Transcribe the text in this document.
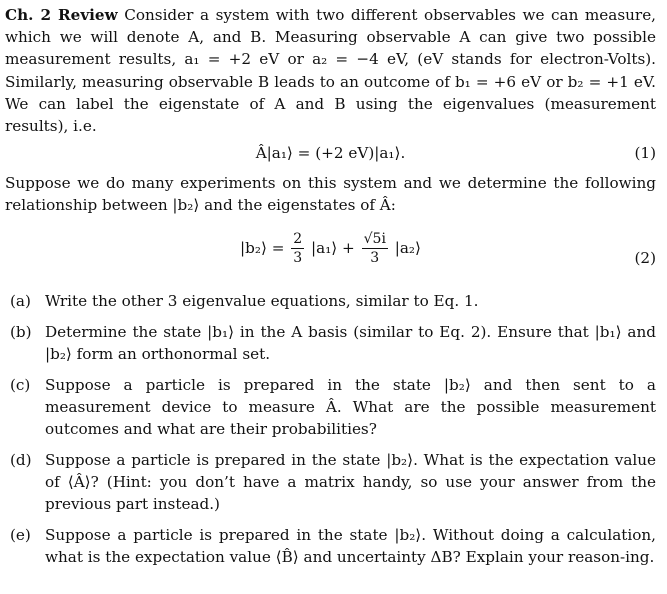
Ch. 2 Review Consider a system with two different observables we can measure, which we will denote A, and B. Measuring observable A can give two possible measurement results, a₁ = +2 eV or a₂ = −4 eV, (eV stands for electron-Volts). Similarly, measuring observable B leads to an outcome of b₁ = +6 eV or b₂ = +1 eV. We can label the eigenstate of A and B using the eigenvalues (measurement results), i.e.
Â|a₁⟩ = (+2 eV)|a₁⟩.	(1)
Suppose we do many experiments on this system and we determine the following relationship between |b₂⟩ and the eigenstates of Â:
|b₂⟩ = $\frac{2}{3}$ |a₁⟩ + $\frac{√5i}{3}$ |a₂⟩
(2)
(a) Write the other 3 eigenvalue equations, similar to Eq. 1.
(b) Determine the state |b₁⟩ in the A basis (similar to Eq. 2). Ensure that |b₁⟩ and |b₂⟩ form an orthonormal set.
(c) Suppose a particle is prepared in the state |b₂⟩ and then sent to a measurement device to measure Â. What are the possible measurement outcomes and what are their probabilities?
(d) Suppose a particle is prepared in the state |b₂⟩. What is the expectation value of ⟨Â⟩? (Hint: you don’t have a matrix handy, so use your answer from the previous part instead.)
(e) Suppose a particle is prepared in the state |b₂⟩. Without doing a calculation, what is the expectation value ⟨B̂⟩ and uncertainty ΔB? Explain your reason-ing.
